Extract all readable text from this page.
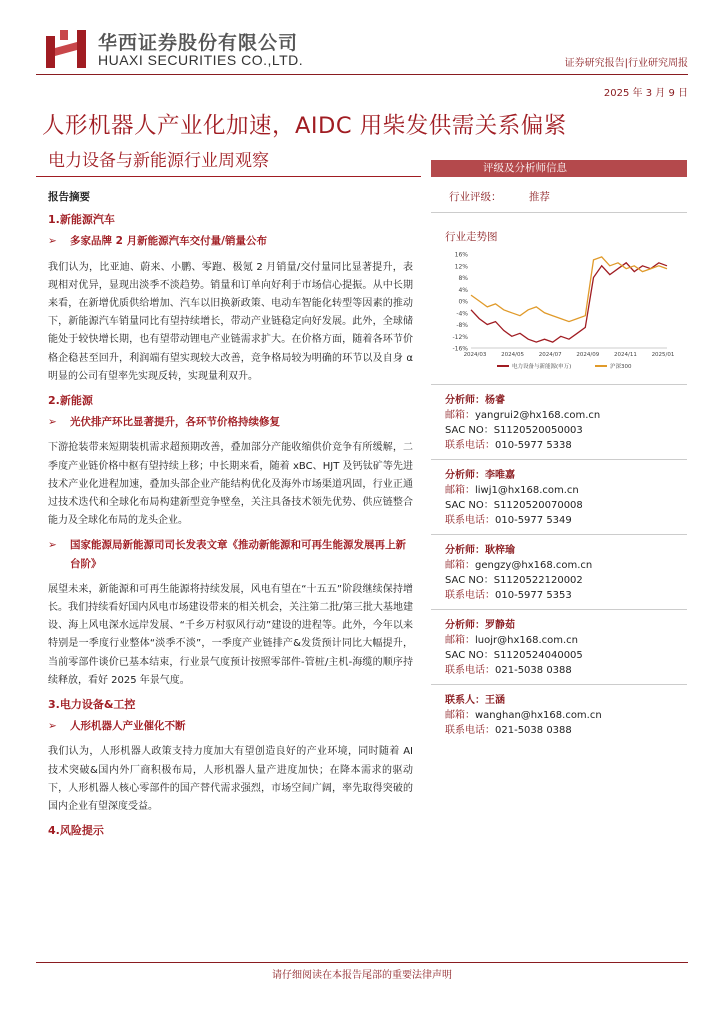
华西证券股份有限公司
HUAXI SECURITIES CO.,LTD.	证券研究报告|行业研究周报
2025 年 3 月 9 日
人形机器人产业化加速，AIDC 用柴发供需关系偏紧
电力设备与新能源行业周观察
报告摘要
1.新能源汽车
➢	多家品牌 2 月新能源汽车交付量/销量公布
我们认为，比亚迪、蔚来、小鹏、零跑、极氪 2 月销量/交付量同比显著提升，表现相对优异，显现出淡季不淡趋势。销量和订单向好利于市场信心提振。从中长期来看，在新增优质供给增加、汽车以旧换新政策、电动车智能化转型等因素的推动下，新能源汽车销量同比有望持续增长，带动产业链稳定向好发展。此外，全球储能处于较快增长期，也有望带动锂电产业链需求扩大。在价格方面，随着各环节价格企稳甚至回升，利润端有望实现较大改善，竞争格局较为明确的环节以及自身 α 明显的公司有望率先实现反转，实现量利双升。
2.新能源
➢	光伏排产环比显著提升，各环节价格持续修复
下游抢装带来短期装机需求超预期改善，叠加部分产能收缩供价竞争有所缓解，二季度产业链价格中枢有望持续上移；中长期来看，随着 xBC、HJT 及钙钛矿等先进技术产业化进程加速，叠加头部企业产能结构优化及海外市场渠道巩固，行业正通过技术迭代和全球化布局构建新型竞争壁垒，关注具备技术领先优势、供应链整合能力及全球化布局的龙头企业。
➢	国家能源局新能源司司长发表文章《推动新能源和可再生能源发展再上新台阶》
展望未来，新能源和可再生能源将持续发展，风电有望在“十五五”阶段继续保持增长。我们持续看好国内风电市场建设带来的相关机会，关注第二批/第三批大基地建设、海上风电深水远岸发展、“千乡万村驭风行动”建设的进程等。此外，今年以来特别是一季度行业整体“淡季不淡”，一季度产业链排产&发货预计同比大幅提升，当前零部件谈价已基本结束，行业景气度预计按照零部件-管桩/主机-海缆的顺序持续释放，看好 2025 年景气度。
3.电力设备&工控
➢	人形机器人产业催化不断
我们认为，人形机器人政策支持力度加大有望创造良好的产业环境，同时随着 AI 技术突破&国内外厂商积极布局，人形机器人量产进度加快；在降本需求的驱动下，人形机器人核心零部件的国产替代需求强烈，市场空间广阔，率先取得突破的国内企业有望深度受益。
4.风险提示
评级及分析师信息
行业评级：	推荐
行业走势图
16%
12%
8%
4%
0%
-4%
-8%
-12%
-16%
2024/03	2024/05	2024/07	2024/09	2024/11	2025/01
电力设备与新能源(申万)	沪深300
分析师：杨睿
邮箱：yangrui2@hx168.com.cn
SAC NO：S1120520050003
联系电话：010-5977 5338
分析师：李唯嘉
邮箱：liwj1@hx168.com.cn
SAC NO：S1120520070008
联系电话：010-5977 5349
分析师：耿梓瑜
邮箱：gengzy@hx168.com.cn
SAC NO：S1120522120002
联系电话：010-5977 5353
分析师：罗静茹
邮箱：luojr@hx168.com.cn
SAC NO：S1120524040005
联系电话：021-5038 0388
联系人：王涵
邮箱：wanghan@hx168.com.cn
联系电话：021-5038 0388
请仔细阅读在本报告尾部的重要法律声明
